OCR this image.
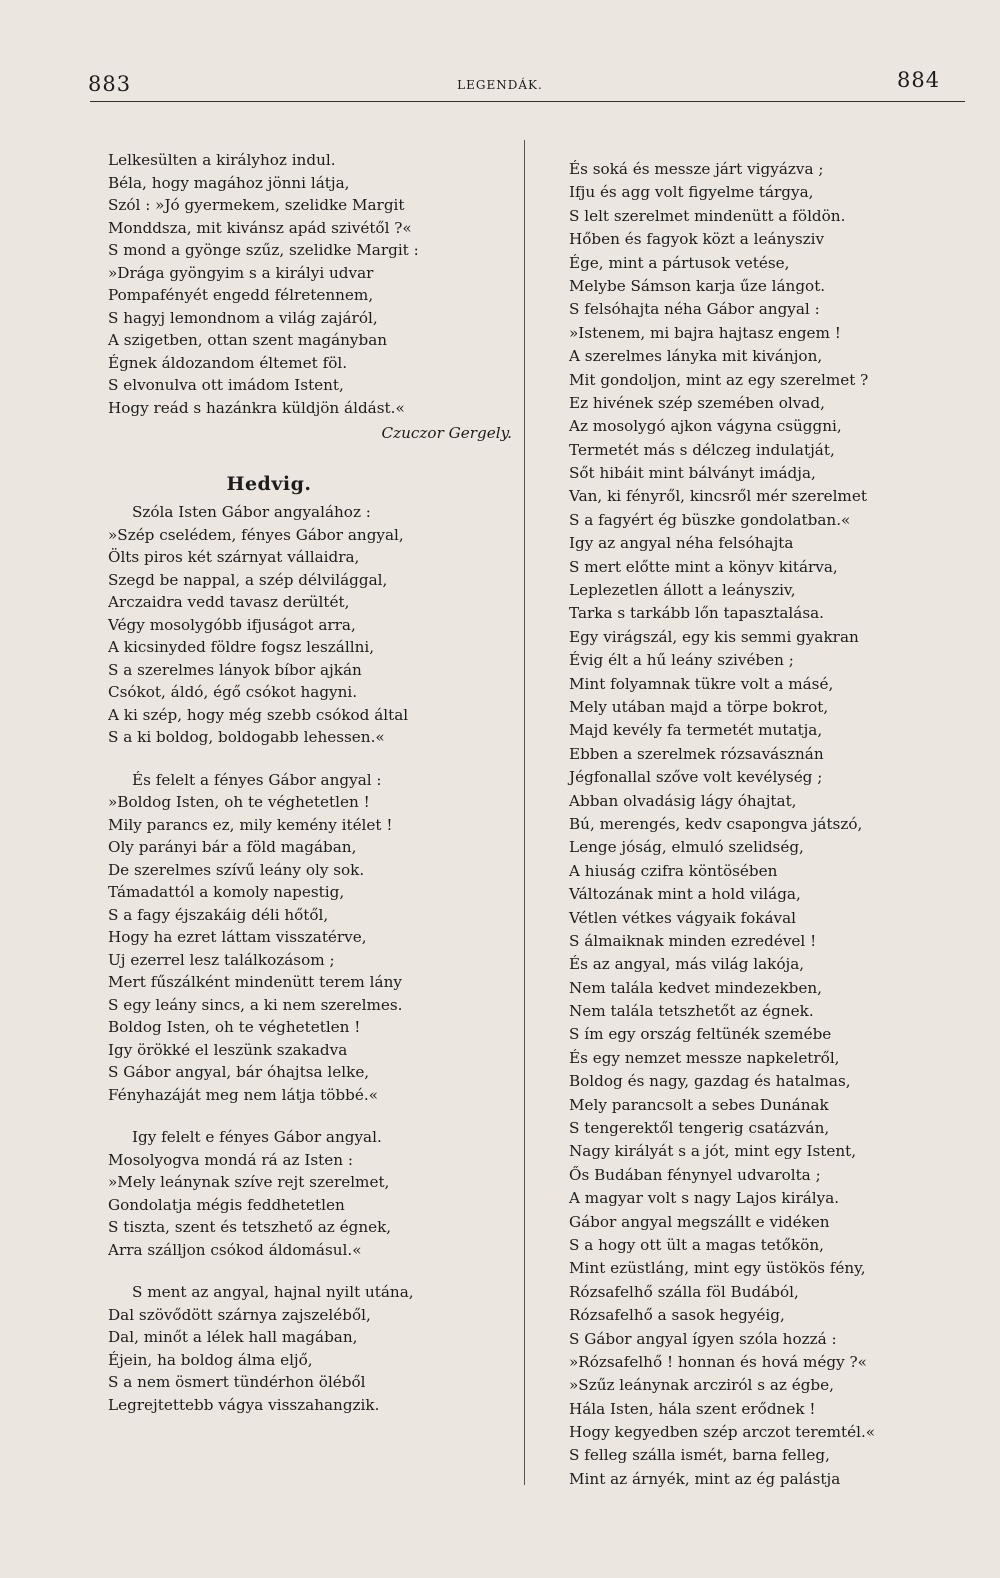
883	LEGENDÁK.	884
Lelkesülten a királyhoz indul.
Béla, hogy magához jönni látja,
Szól : »Jó gyermekem, szelidke Margit
Monddsza, mit kivánsz apád szivétől ?«
S mond a gyönge szűz, szelidke Margit :
»Drága gyöngyim s a királyi udvar
Pompafényét engedd félretennem,
S hagyj lemondnom a világ zajáról,
A szigetben, ottan szent magányban
Égnek áldozandom éltemet föl.
S elvonulva ott imádom Istent,
Hogy reád s hazánkra küldjön áldást.«
Czuczor Gergely.
Hedvig.
Szóla Isten Gábor angyalához :
»Szép cselédem, fényes Gábor angyal,
Ölts piros két szárnyat vállaidra,
Szegd be nappal, a szép délvilággal,
Arczaidra vedd tavasz derültét,
Végy mosolygóbb ifjuságot arra,
A kicsinyded földre fogsz leszállni,
S a szerelmes lányok bíbor ajkán
Csókot, áldó, égő csókot hagyni.
A ki szép, hogy még szebb csókod által
S a ki boldog, boldogabb lehessen.«
És felelt a fényes Gábor angyal :
»Boldog Isten, oh te véghetetlen !
Mily parancs ez, mily kemény itélet !
Oly parányi bár a föld magában,
De szerelmes szívű leány oly sok.
Támadattól a komoly napestig,
S a fagy éjszakáig déli hőtől,
Hogy ha ezret láttam visszatérve,
Uj ezerrel lesz találkozásom ;
Mert fűszálként mindenütt terem lány
S egy leány sincs, a ki nem szerelmes.
Boldog Isten, oh te véghetetlen !
Igy örökké el leszünk szakadva
S Gábor angyal, bár óhajtsa lelke,
Fényhazáját meg nem látja többé.«
Igy felelt e fényes Gábor angyal.
Mosolyogva mondá rá az Isten :
»Mely leánynak szíve rejt szerelmet,
Gondolatja mégis feddhetetlen
S tiszta, szent és tetszhető az égnek,
Arra szálljon csókod áldomásul.«
S ment az angyal, hajnal nyilt utána,
Dal szövődött szárnya zajszeléből,
Dal, minőt a lélek hall magában,
Éjein, ha boldog álma eljő,
S a nem ösmert tündérhon öléből
Legrejtettebb vágya visszahangzik.
És soká és messze járt vigyázva ;
Ifju és agg volt figyelme tárgya,
S lelt szerelmet mindenütt a földön.
Hőben és fagyok közt a leánysziv
Ége, mint a pártusok vetése,
Melybe Sámson karja űze lángot.
S felsóhajta néha Gábor angyal :
»Istenem, mi bajra hajtasz engem !
A szerelmes lányka mit kivánjon,
Mit gondoljon, mint az egy szerelmet ?
Ez hivének szép szemében olvad,
Az mosolygó ajkon vágyna csüggni,
Termetét más s délczeg indulatját,
Sőt hibáit mint bálványt imádja,
Van, ki fényről, kincsről mér szerelmet
S a fagyért ég büszke gondolatban.«
Igy az angyal néha felsóhajta
S mert előtte mint a könyv kitárva,
Leplezetlen állott a leánysziv,
Tarka s tarkább lőn tapasztalása.
Egy virágszál, egy kis semmi gyakran
Évig élt a hű leány szivében ;
Mint folyamnak tükre volt a másé,
Mely utában majd a törpe bokrot,
Majd kevély fa termetét mutatja,
Ebben a szerelmek rózsavásznán
Jégfonallal szőve volt kevélység ;
Abban olvadásig lágy óhajtat,
Bú, merengés, kedv csapongva játszó,
Lenge jóság, elmuló szelidség,
A hiuság czifra köntösében
Változának mint a hold világa,
Vétlen vétkes vágyaik fokával
S álmaiknak minden ezredével !
És az angyal, más világ lakója,
Nem találа kedvet mindezekben,
Nem találа tetszhetőt az égnek.
S ím egy ország feltünék szemébe
És egy nemzet messze napkeletről,
Boldog és nagy, gazdag és hatalmas,
Mely parancsolt a sebes Dunának
S tengerektől tengerig csatázván,
Nagy királyát s a jót, mint egy Istent,
Ős Budában fénynyel udvarolta ;
A magyar volt s nagy Lajos királya.
Gábor angyal megszállt e vidéken
S a hogy ott ült a magas tetőkön,
Mint ezüstláng, mint egy üstökös fény,
Rózsafelhő szálla föl Budából,
Rózsafelhő a sasok hegyéig,
S Gábor angyal ígyen szóla hozzá :
»Rózsafelhő ! honnan és hová mégy ?«
»Szűz leánynak arcziról s az égbe,
Hála Isten, hála szent erődnek !
Hogy kegyedben szép arczot teremtél.«
S felleg szálla ismét, barna felleg,
Mint az árnyék, mint az ég palástja
